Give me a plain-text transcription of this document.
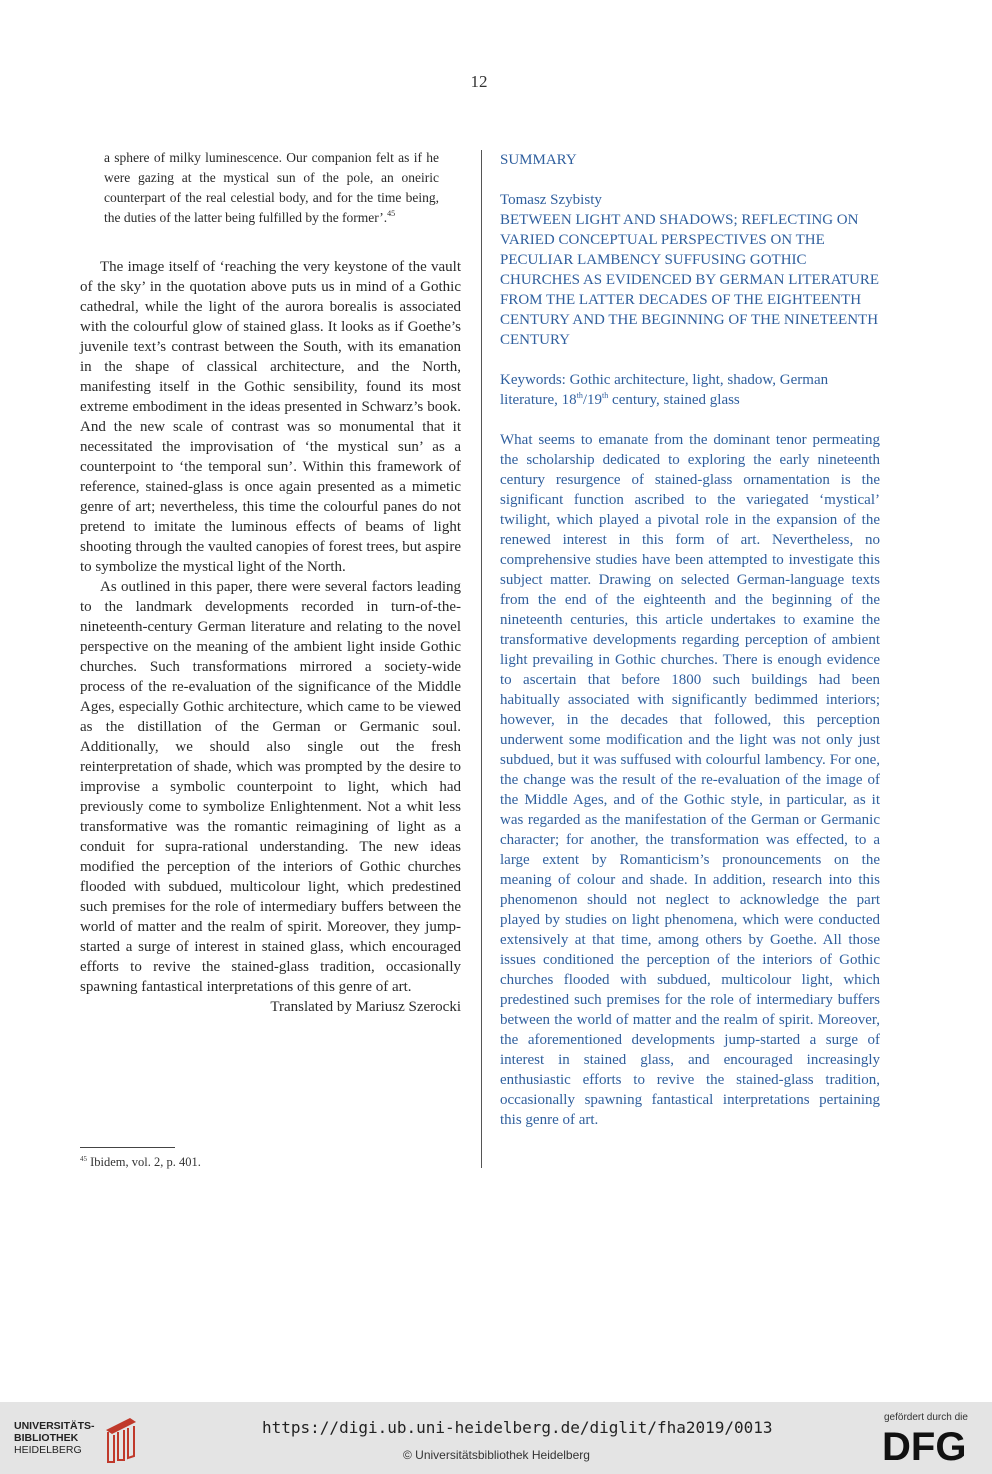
12
a sphere of milky luminescence. Our companion felt as if he were gazing at the mystical sun of the pole, an oneiric counterpart of the real celestial body, and for the time being, the duties of the latter being fulfilled by the former’.$^{45}$

The image itself of ‘reaching the very keystone of the vault of the sky’ in the quotation above puts us in mind of a Gothic cathedral, while the light of the aurora borealis is associated with the colourful glow of stained glass. It looks as if Goethe’s juvenile text’s contrast between the South, with its emanation in the shape of classical architecture, and the North, manifesting itself in the Gothic sensibility, found its most extreme embodiment in the ideas presented in Schwarz’s book. And the new scale of contrast was so monumental that it necessitated the improvisation of ‘the mystical sun’ as a counterpoint to ‘the temporal sun’. Within this framework of reference, stained-glass is once again presented as a mimetic genre of art; nevertheless, this time the colourful panes do not pretend to imitate the luminous effects of beams of light shooting through the vaulted canopies of forest trees, but aspire to symbolize the mystical light of the North.

As outlined in this paper, there were several factors leading to the landmark developments recorded in turn-of-the-nineteenth-century German literature and relating to the novel perspective on the meaning of the ambient light inside Gothic churches. Such transformations mirrored a society-wide process of the re-evaluation of the significance of the Middle Ages, especially Gothic architecture, which came to be viewed as the distillation of the German or Germanic soul. Additionally, we should also single out the fresh reinterpretation of shade, which was prompted by the desire to improvise a symbolic counterpoint to light, which had previously come to symbolize Enlightenment. Not a whit less transformative was the romantic reimagining of light as a conduit for supra-rational understanding. The new ideas modified the perception of the interiors of Gothic churches flooded with subdued, multicolour light, which predestined such premises for the role of intermediary buffers between the world of matter and the realm of spirit. Moreover, they jump-started a surge of interest in stained glass, which encouraged efforts to revive the stained-glass tradition, occasionally spawning fantastical interpretations of this genre of art.

Translated by Mariusz Szerocki

$^{45}$ Ibidem, vol. 2, p. 401.

SUMMARY

Tomasz Szybisty

BETWEEN LIGHT AND SHADOWS; REFLECTING ON VARIED CONCEPTUAL PERSPECTIVES ON THE PECULIAR LAMBENCY SUFFUSING GOTHIC CHURCHES AS EVIDENCED BY GERMAN LITERATURE FROM THE LATTER DECADES OF THE EIGHTEENTH CENTURY AND THE BEGINNING OF THE NINETEENTH CENTURY

Keywords: Gothic architecture, light, shadow, German literature, 18th/19th century, stained glass

What seems to emanate from the dominant tenor permeating the scholarship dedicated to exploring the early nineteenth century resurgence of stained-glass ornamentation is the significant function ascribed to the variegated ‘mystical’ twilight, which played a pivotal role in the expansion of the renewed interest in this form of art. Nevertheless, no comprehensive studies have been attempted to investigate this subject matter. Drawing on selected German-language texts from the end of the eighteenth and the beginning of the nineteenth centuries, this article undertakes to examine the transformative developments regarding perception of ambient light prevailing in Gothic churches. There is enough evidence to ascertain that before 1800 such buildings had been habitually associated with significantly bedimmed interiors; however, in the decades that followed, this perception underwent some modification and the light was not only just subdued, but it was suffused with colourful lambency. For one, the change was the result of the re-evaluation of the image of the Middle Ages, and of the Gothic style, in particular, as it was regarded as the manifestation of the German or Germanic character; for another, the transformation was effected, to a large extent by Romanticism’s pronouncements on the meaning of colour and shade. In addition, research into this phenomenon should not neglect to acknowledge the part played by studies on light phenomena, which were conducted extensively at that time, among others by Goethe. All those issues conditioned the perception of the interiors of Gothic churches flooded with subdued, multicolour light, which predestined such premises for the role of intermediary buffers between the world of matter and the realm of spirit. Moreover, the aforementioned developments jump-started a surge of interest in stained glass, and encouraged increasingly enthusiastic efforts to revive the stained-glass tradition, occasionally spawning fantastical interpretations pertaining this genre of art.

UNIVERSITÄTS-
BIBLIOTHEK
HEIDELBERG
https://digi.ub.uni-heidelberg.de/diglit/fha2019/0013
© Universitätsbibliothek Heidelberg
gefördert durch die
DFG
